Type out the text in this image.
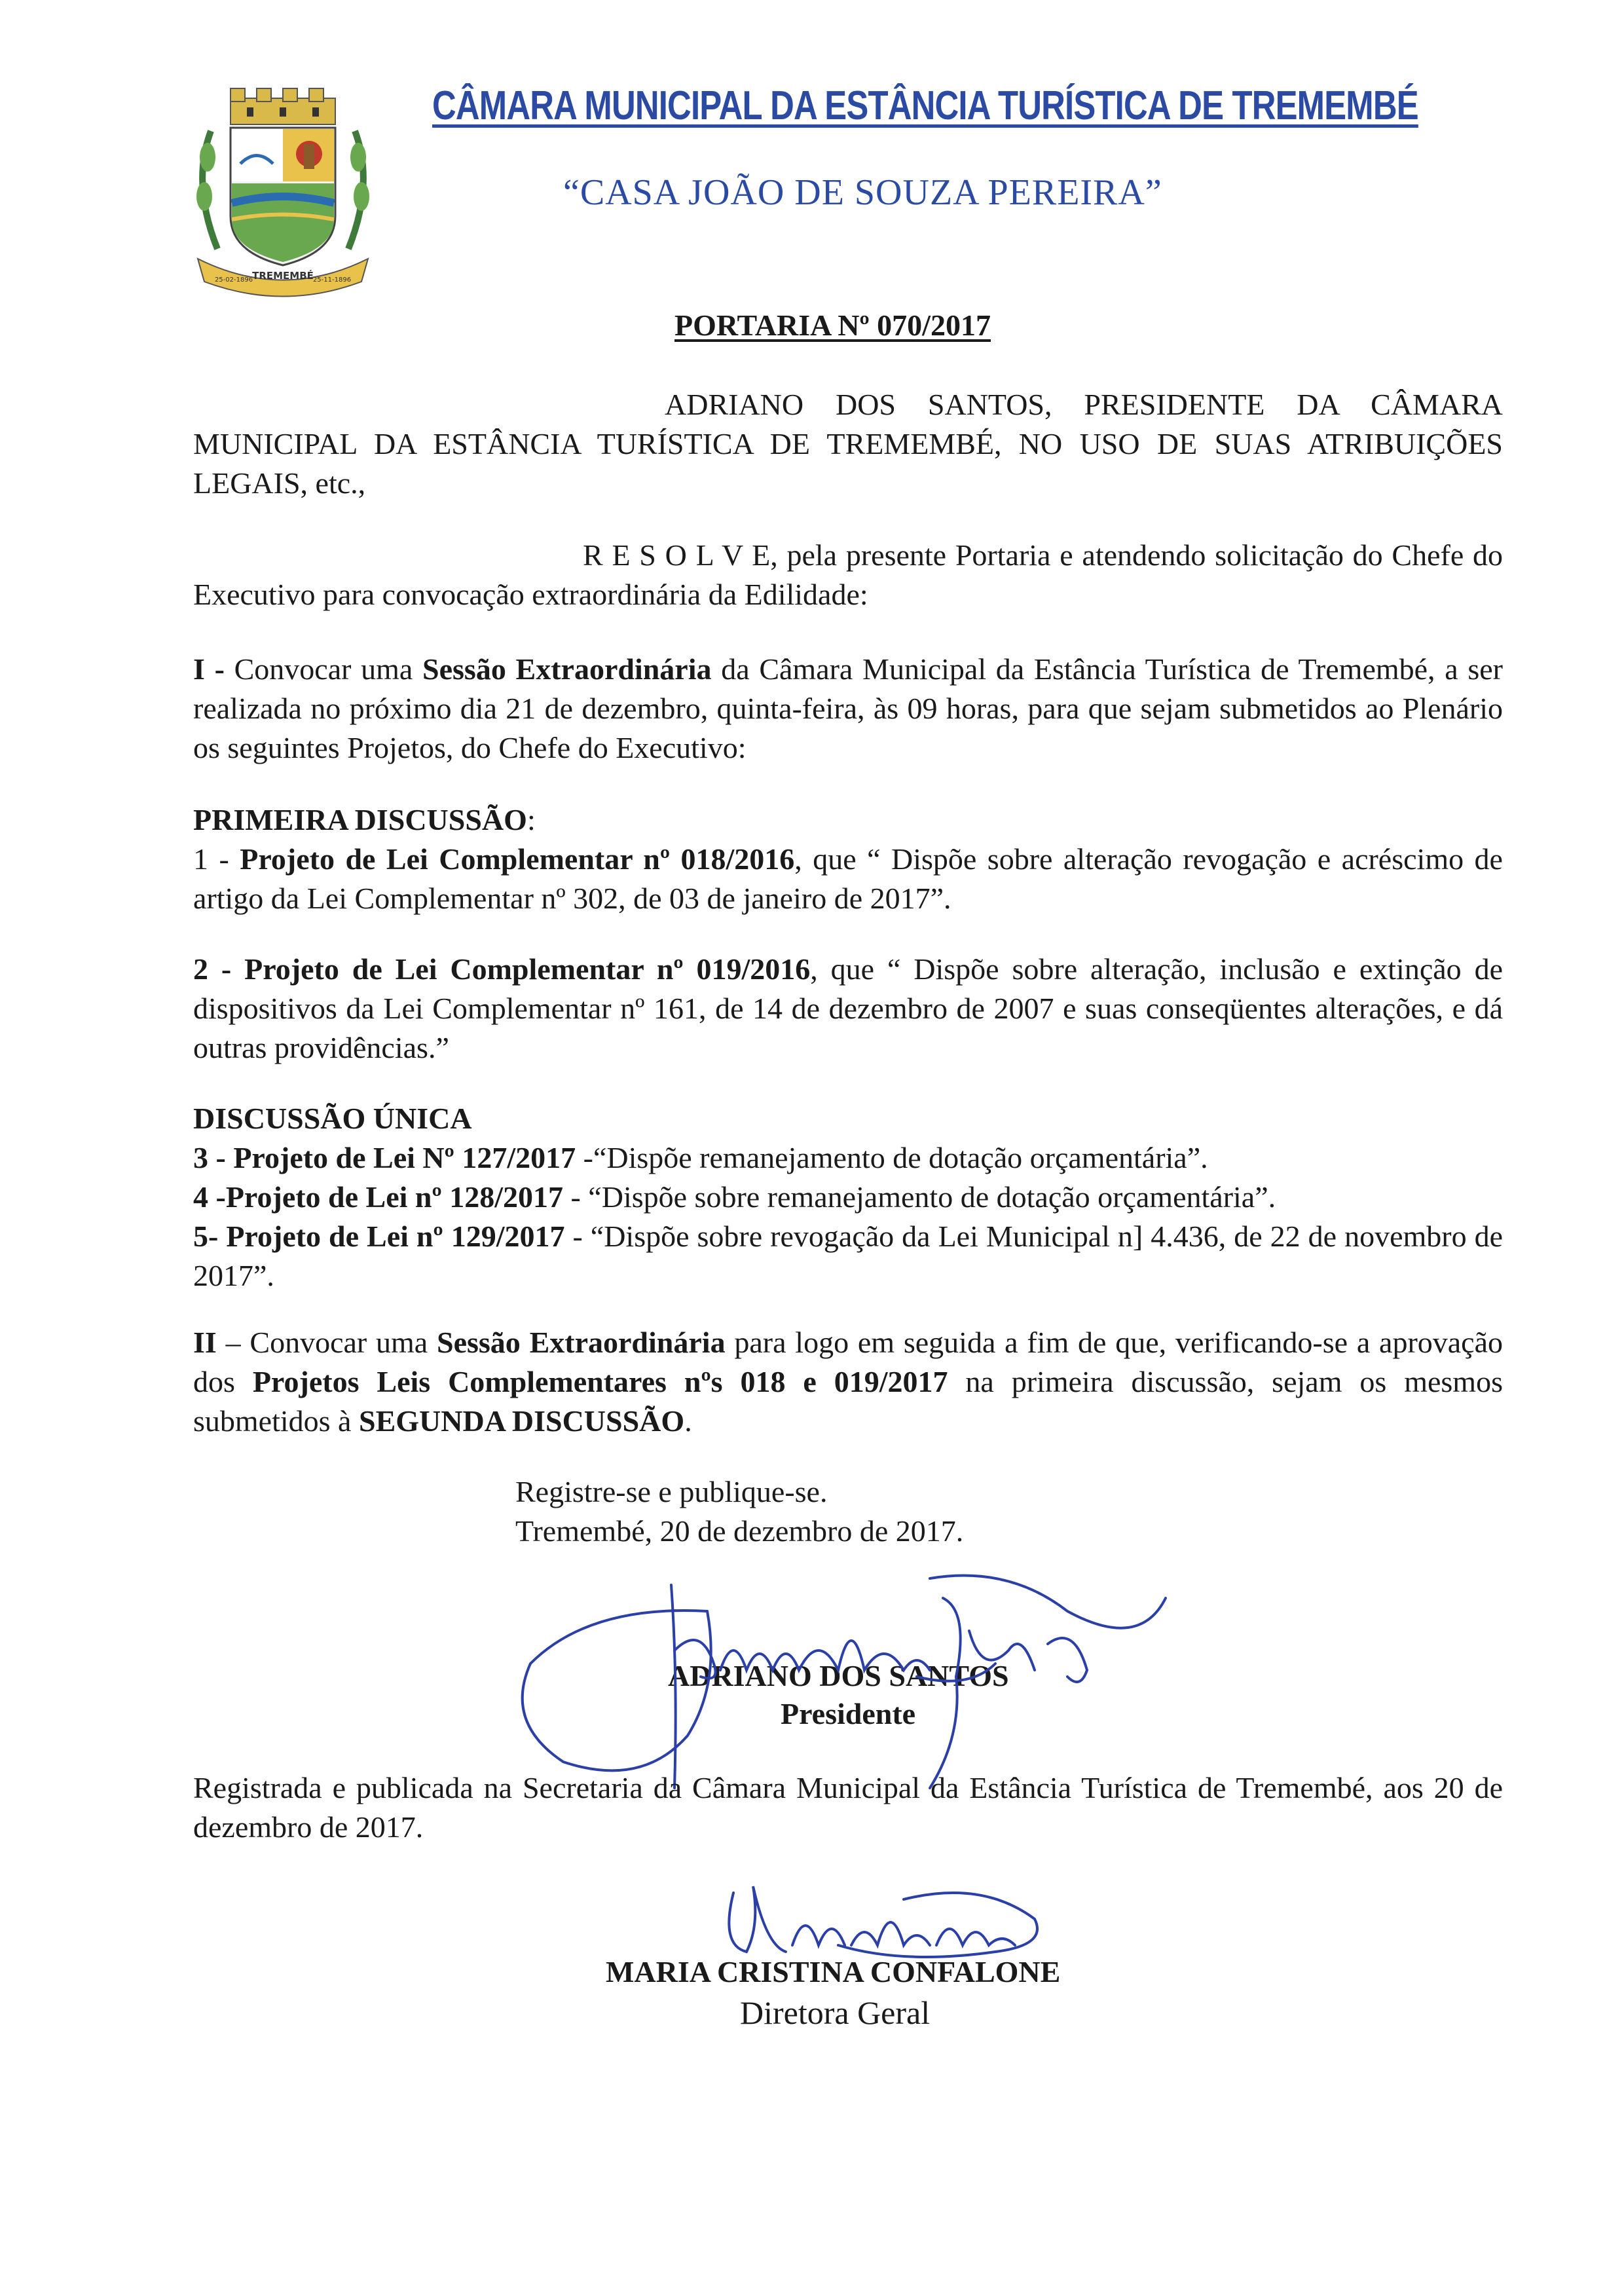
TREMEMBÉ
25-02-1896	25-11-1896
CÂMARA MUNICIPAL DA ESTÂNCIA TURÍSTICA DE TREMEMBÉ
“CASA JOÃO DE SOUZA PEREIRA”
PORTARIA Nº 070/2017
ADRIANO DOS SANTOS, PRESIDENTE DA CÂMARA
MUNICIPAL DA ESTÂNCIA TURÍSTICA DE TREMEMBÉ, NO USO DE SUAS ATRIBUIÇÕES LEGAIS, etc.,
R E S O L V E, pela presente Portaria e atendendo solicitação do Chefe do Executivo para convocação extraordinária da Edilidade:
I - Convocar uma Sessão Extraordinária da Câmara Municipal da Estância Turística de Tremembé, a ser realizada no próximo dia 21 de dezembro, quinta-feira, às 09 horas, para que sejam submetidos ao Plenário os seguintes Projetos, do Chefe do Executivo:
PRIMEIRA DISCUSSÃO:
1 - Projeto de Lei Complementar nº 018/2016, que “ Dispõe sobre alteração revogação e acréscimo de artigo da Lei Complementar nº 302, de 03 de janeiro de 2017”.
2 - Projeto de Lei Complementar nº 019/2016, que “ Dispõe sobre alteração, inclusão e extinção de dispositivos da Lei Complementar nº 161, de 14 de dezembro de 2007 e suas conseqüentes alterações, e dá outras providências.”
DISCUSSÃO ÚNICA
3 - Projeto de Lei Nº 127/2017 -“Dispõe remanejamento de dotação orçamentária”.
4 -Projeto de Lei nº 128/2017 - “Dispõe sobre remanejamento de dotação orçamentária”.
5- Projeto de Lei nº 129/2017 - “Dispõe sobre revogação da Lei Municipal n] 4.436, de 22 de novembro de 2017”.
II – Convocar uma Sessão Extraordinária para logo em seguida a fim de que, verificando-se a aprovação dos Projetos Leis Complementares nºs 018 e 019/2017 na primeira discussão, sejam os mesmos submetidos à SEGUNDA DISCUSSÃO.
Registre-se e publique-se.
Tremembé, 20 de dezembro de 2017.
ADRIANO DOS SANTOS
Presidente
Registrada e publicada na Secretaria da Câmara Municipal da Estância Turística de Tremembé, aos 20 de dezembro de 2017.
MARIA CRISTINA CONFALONE
Diretora Geral
